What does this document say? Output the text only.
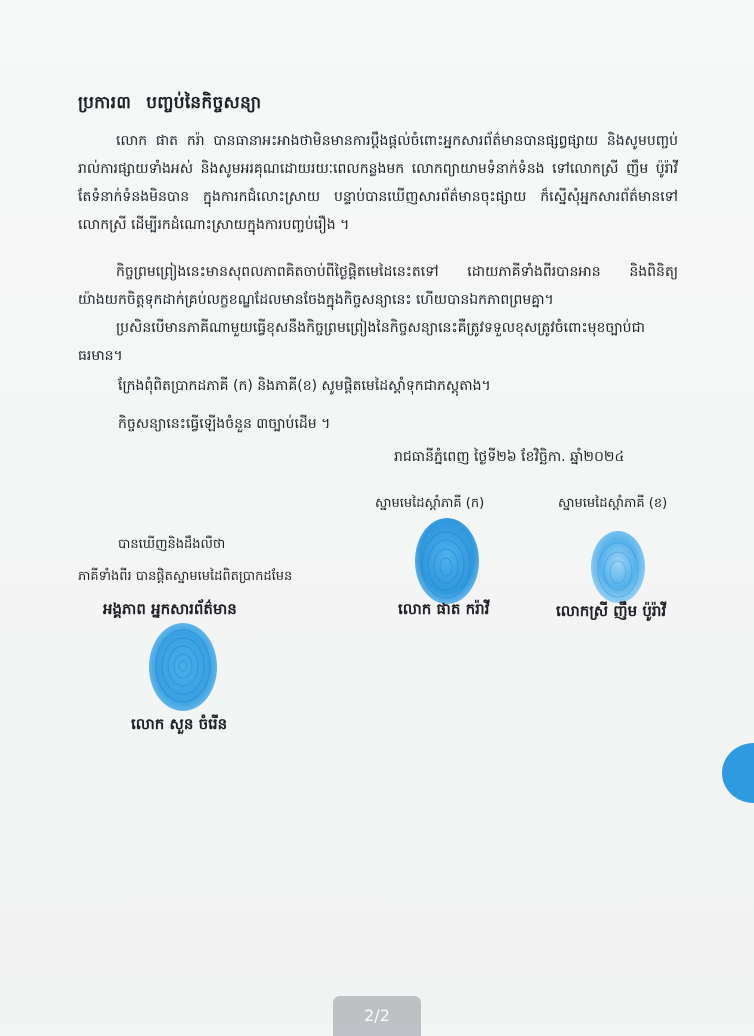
ប្រការ៣ បញ្ចប់នៃកិច្ចសន្យា
លោក ផាត ករ៉ា បានធានាអះអាងថាមិនមានការប្ដឹងផ្ដល់ចំពោះអ្នកសារព័ត៌មានបានផ្សព្វផ្សាយ និងសូមបញ្ចប់រាល់ការផ្សាយទាំងអស់ និងសូមអរគុណដោយរយៈពេលកន្លងមក លោកព្យាយាមទំនាក់ទំនង ទៅលោកស្រី ញឹម ប៉ូរ៉ាវី តែទំនាក់ទំនងមិនបាន ក្នុងការកជំលោះស្រាយ បន្ទាប់បានឃើញសារព័ត៌មានចុះផ្សាយ ក៏ស្នើសុំអ្នកសារព័ត៌មានទៅលោកស្រី ដើម្បីរកដំណោះស្រាយក្នុងការបញ្ចប់រឿង ។
កិច្ចព្រមព្រៀងនេះមានសុពលភាពគិតចាប់ពីថ្ងៃផ្ដិតមេដៃនេះតទៅ ដោយភាគីទាំងពីរបានអាន និងពិនិត្យយ៉ាងយកចិត្តទុកដាក់គ្រប់លក្ខខណ្ឌដែលមានចែងក្នុងកិច្ចសន្យានេះ ហើយបានឯកភាពព្រមគ្នា។
ប្រសិនបើមានភាគីណាមួយធ្វើខុសនឹងកិច្ចព្រមព្រៀងនៃកិច្ចសន្យានេះគឺត្រូវទទួលខុសត្រូវចំពោះមុខច្បាប់ជាធរមាន។
ក្រែងពុំពិតប្រាកដភាគី (ក) និងភាគី(ខ) សូមផ្ដិតមេដៃស្ដាំទុកជាភស្តុតាង។
កិច្ចសន្យានេះធ្វើឡើងចំនួន ៣ច្បាប់ដើម ។
រាជធានីភ្នំពេញ ថ្ងៃទី២៦ ខែវិច្ឆិកា. ឆ្នាំ២០២៤
ស្នាមមេដៃស្ដាំភាគី (ក)	ស្នាមមេដៃស្ដាំភាគី (ខ)
បានឃើញនិងដឹងលឺថា
ភាគីទាំងពីរ បានផ្ដិតស្នាមមេដៃពិតប្រាកដមែន
អង្គភាព អ្នកសារព័ត៌មាន	លោក ផាត ករ៉ាវី	លោកស្រី ញឹម ប៉ូរ៉ាវី
លោក សួន ចំរើន
2/2
